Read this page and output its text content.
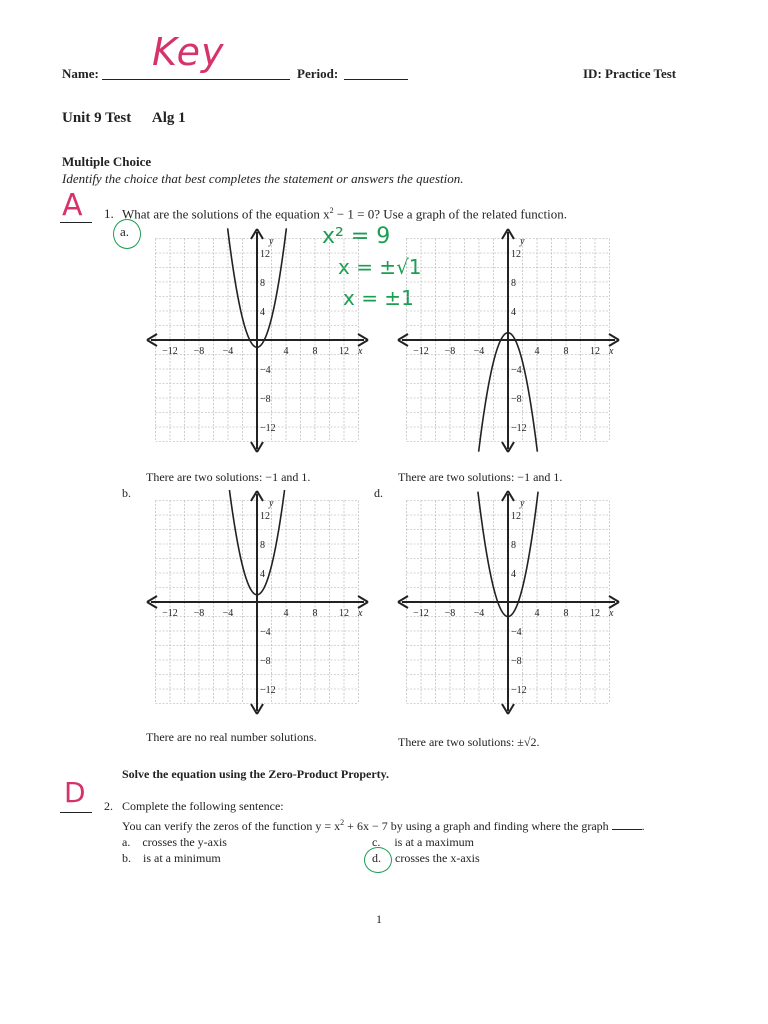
Name: Key	Period:	ID: Practice Test
Unit 9 Test Alg 1
Multiple Choice
Identify the choice that best completes the statement or answers the question.
A 1. What are the solutions of the equation $x^2 - 1 = 0$? Use a graph of the related function.
a.	x² = 9
x = ±√1
x = ±1
−12 −8 −4	4 8 12
12
8
4
−4
−8
−12
x
y
−12 −8 −4	4 8 12
12
8
4
−4
−8
−12
x
y
There are two solutions: −1 and 1.	There are two solutions: −1 and 1.
b.	d.
−12 −8 −4	4 8 12
12
8
4
−4
−8
−12
x
y
−12 −8 −4	4 8 12
12
8
4
−4
−8
−12
x
y
There are no real number solutions.	There are two solutions: ±√2.
Solve the equation using the Zero-Product Property.
D 2. Complete the following sentence:
You can verify the zeros of the function $y = x^2 + 6x - 7$ by using a graph and finding where the graph	.
a. crosses the y-axis
b. is at a minimum
c. is at a maximum
d. crosses the x-axis
1
